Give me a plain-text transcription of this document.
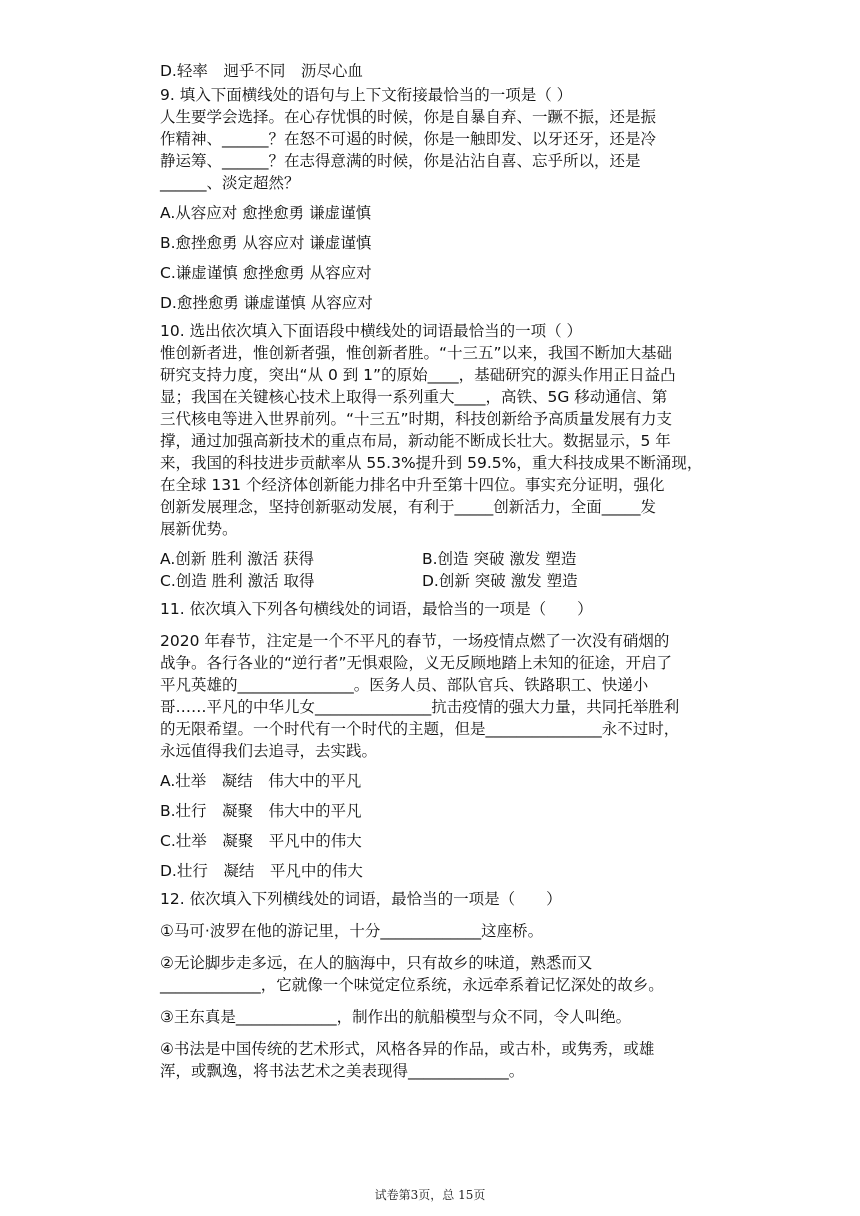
D.轻率　迥乎不同　沥尽心血
9. 填入下面横线处的语句与上下文衔接最恰当的一项是（ ）
人生要学会选择。在心存忧惧的时候，你是自暴自弃、一蹶不振，还是振
作精神、______？在怒不可遏的时候，你是一触即发、以牙还牙，还是冷
静运筹、______？在志得意满的时候，你是沾沾自喜、忘乎所以，还是
______、淡定超然？
A.从容应对 愈挫愈勇 谦虚谨慎
B.愈挫愈勇 从容应对 谦虚谨慎
C.谦虚谨慎 愈挫愈勇 从容应对
D.愈挫愈勇 谦虚谨慎 从容应对
10. 选出依次填入下面语段中横线处的词语最恰当的一项（ ）
惟创新者进，惟创新者强，惟创新者胜。“十三五”以来，我国不断加大基础
研究支持力度，突出“从 0 到 1”的原始____，基础研究的源头作用正日益凸
显；我国在关键核心技术上取得一系列重大____，高铁、5G 移动通信、第
三代核电等进入世界前列。“十三五”时期，科技创新给予高质量发展有力支
撑，通过加强高新技术的重点布局，新动能不断成长壮大。数据显示，5 年
来，我国的科技进步贡献率从 55.3%提升到 59.5%，重大科技成果不断涌现，
在全球 131 个经济体创新能力排名中升至第十四位。事实充分证明，强化
创新发展理念，坚持创新驱动发展，有利于_____创新活力，全面_____发
展新优势。
A.创新 胜利 激活 获得	B.创造 突破 激发 塑造
C.创造 胜利 激活 取得	D.创新 突破 激发 塑造
11. 依次填入下列各句横线处的词语，最恰当的一项是（　　）
2020 年春节，注定是一个不平凡的春节，一场疫情点燃了一次没有硝烟的
战争。各行各业的“逆行者”无惧艰险，义无反顾地踏上未知的征途，开启了
平凡英雄的_______________。医务人员、部队官兵、铁路职工、快递小
哥……平凡的中华儿女_______________抗击疫情的强大力量，共同托举胜利
的无限希望。一个时代有一个时代的主题，但是_______________永不过时，
永远值得我们去追寻，去实践。
A.壮举　凝结　伟大中的平凡
B.壮行　凝聚　伟大中的平凡
C.壮举　凝聚　平凡中的伟大
D.壮行　凝结　平凡中的伟大
12. 依次填入下列横线处的词语，最恰当的一项是（　　）
①马可·波罗在他的游记里，十分_____________这座桥。
②无论脚步走多远，在人的脑海中，只有故乡的味道，熟悉而又
_____________，它就像一个味觉定位系统，永远牵系着记忆深处的故乡。
③王东真是_____________，制作出的航船模型与众不同，令人叫绝。
④书法是中国传统的艺术形式，风格各异的作品，或古朴，或隽秀，或雄
浑，或飘逸，将书法艺术之美表现得_____________。
试卷第3页，总 15页
